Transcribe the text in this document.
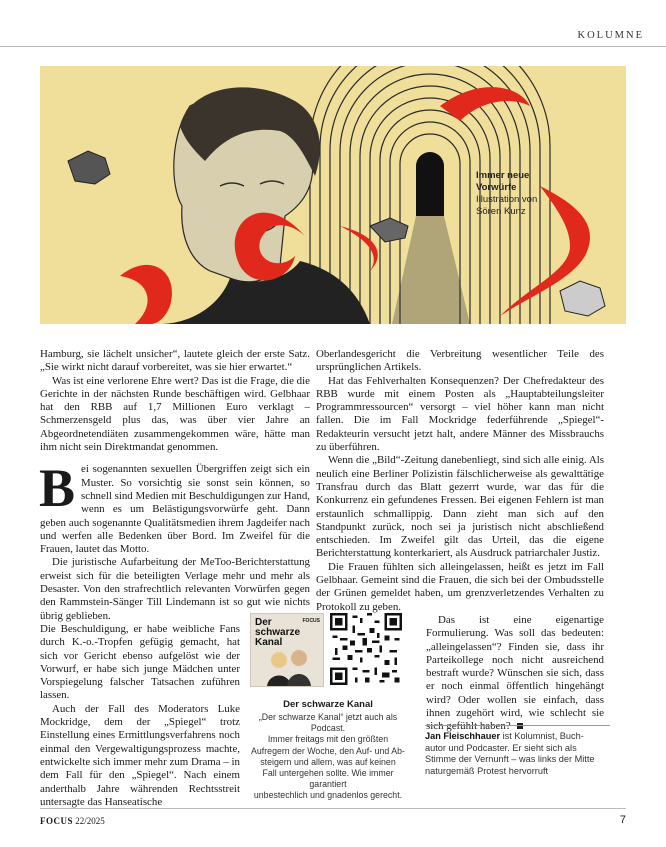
KOLUMNE
Immer neue
Vorwürfe
Illustration von
Sören Kunz

Hamburg, sie lächelt unsicher“, lautete gleich der erste Satz. „Sie wirkt nicht darauf vorbereitet, was sie hier erwartet.“

Was ist eine verlorene Ehre wert? Das ist die Frage, die die Gerichte in der nächsten Runde beschäftigen wird. Gelbhaar hat den RBB auf 1,7 Millionen Euro verklagt – Schmerzensgeld plus das, was über vier Jahre an Abgeordnetendiäten zusammengekommen wäre, hätte man ihm nicht sein Direktmandat genommen.

Bei sogenannten sexuellen Übergriffen zeigt sich ein Muster. So vorsichtig sie sonst sein können, so schnell sind Medien mit Beschuldigungen zur Hand, wenn es um Belästigungsvorwürfe geht. Dann geben auch sogenannte Qualitätsmedien ihrem Jagdeifer nach und werfen alle Bedenken über Bord. Im Zweifel für die Frauen, lautet das Motto.

Die juristische Aufarbeitung der MeToo-Berichterstattung erweist sich für die beteiligten Verlage mehr und mehr als Desaster. Von den strafrechtlich relevanten Vorwürfen gegen den Rammstein-Sänger Till Lindemann ist so gut wie nichts übrig geblieben.

Die Beschuldigung, er habe weibliche Fans durch K.-o.-Tropfen gefügig gemacht, hat sich vor Gericht ebenso aufgelöst wie der Vorwurf, er habe sich junge Mädchen unter Vorspiegelung falscher Tatsachen zuführen lassen.

Auch der Fall des Moderators Luke Mockridge, dem der „Spiegel“ trotz Einstellung eines Ermittlungsverfahrens noch einmal den Vergewaltigungsprozess machte, entwickelte sich immer mehr zum Drama – in dem Fall für den „Spiegel“. Nach einem anderthalb Jahre währenden Rechtsstreit untersagte das Hanseatische

Oberlandesgericht die Verbreitung wesentlicher Teile des ursprünglichen Artikels.

Hat das Fehlverhalten Konsequenzen? Der Chefredakteur des RBB wurde mit einem Posten als „Hauptabteilungsleiter Programmressourcen“ versorgt – viel höher kann man nicht fallen. Die im Fall Mockridge federführende „Spiegel“-Redakteurin versucht jetzt halt, andere Männer des Missbrauchs zu überführen.

Wenn die „Bild“-Zeitung danebenliegt, sind sich alle einig. Als neulich eine Berliner Polizistin fälschlicherweise als gewalttätige Transfrau durch das Blatt gezerrt wurde, war das für die Konkurrenz ein gefundenes Fressen. Bei eigenen Fehlern ist man erstaunlich schmallippig. Dann zieht man sich auf den Standpunkt zurück, noch sei ja juristisch nicht abschließend entschieden. Im Zweifel gilt das Urteil, das die eigene Berichterstattung konterkariert, als Ausdruck patriarchaler Justiz.

Die Frauen fühlten sich alleingelassen, heißt es jetzt im Fall Gelbhaar. Gemeint sind die Frauen, die sich bei der Ombudsstelle der Grünen gemeldet haben, um grenzverletzendes Verhalten zu Protokoll zu geben.

Das ist eine eigenartige Formulierung. Was soll das bedeuten: „alleingelassen“? Finden sie, dass ihr Parteikollege noch nicht ausreichend bestraft wurde? Wünschen sie sich, dass er noch einmal öffentlich hingehängt wird? Oder wollen sie einfach, dass ihnen zugehört wird, wie schlecht sie sich gefühlt haben?

Der
schwarze
Kanal
FOCUS
Der schwarze Kanal
„Der schwarze Kanal“ jetzt auch als Podcast.
Immer freitags mit den größten
Aufregern der Woche, den Auf- und Ab-
steigern und allem, was auf keinen
Fall untergehen sollte. Wie immer garantiert
unbestechlich und gnadenlos gerecht.
Jan Fleischhauer ist Kolumnist, Buch-
autor und Podcaster. Er sieht sich als
Stimme der Vernunft – was links der Mitte
naturgemäß Protest hervorruft
FOCUS 22/2025	7
